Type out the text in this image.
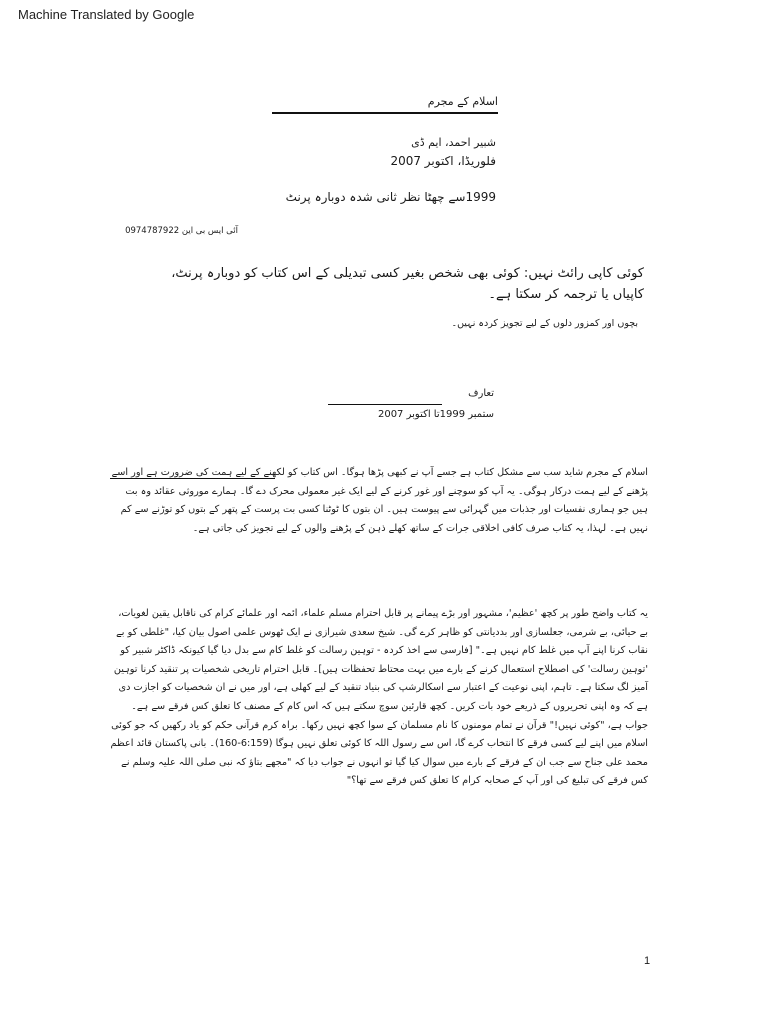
Machine Translated by Google
اسلام کے مجرم
شبیر احمد، ایم ڈی
فلوریڈا، اکتوبر 2007
1999سے چھٹا نظر ثانی شدہ دوبارہ پرنٹ
آئی ایس بی این 0974787922
کوئی کاپی رائٹ نہیں: کوئی بھی شخص بغیر کسی تبدیلی کے اس کتاب کو دوبارہ پرنٹ، کاپیاں یا ترجمہ کر سکتا ہے۔
بچوں اور کمزور دلوں کے لیے تجویز کردہ نہیں۔
تعارف
ستمبر 1999تا اکتوبر 2007
اسلام کے مجرم شاید سب سے مشکل کتاب ہے جسے آپ نے کبھی پڑھا ہوگا۔ اس کتاب کو لکھنے کے لیے ہمت کی ضرورت ہے اور اسے پڑھنے کے لیے ہمت درکار ہوگی۔ یہ آپ کو سوچنے اور غور کرنے کے لیے ایک غیر معمولی محرک دے گا۔ ہمارے موروثی عقائد وہ بت ہیں جو ہماری نفسیات اور جذبات میں گہرائی سے پیوست ہیں۔ ان بتوں کا ٹوٹنا کسی بت پرست کے پتھر کے بتوں کو توڑنے سے کم نہیں ہے۔ لہذا، یہ کتاب صرف کافی اخلاقی جرات کے ساتھ کھلے ذہن کے پڑھنے والوں کے لیے تجویز کی جاتی ہے۔
یہ کتاب واضح طور پر کچھ 'عظیم'، مشہور اور بڑے پیمانے پر قابل احترام مسلم علماء، ائمہ اور علمائے کرام کی ناقابل یقین لغویات، بے حیائی، بے شرمی، جعلسازی اور بددیانتی کو ظاہر کرے گی۔ شیخ سعدی شیرازی نے ایک ٹھوس علمی اصول بیان کیا، "غلطی کو بے نقاب کرنا اپنے آپ میں غلط کام نہیں ہے۔" [فارسی سے اخذ کردہ - توہین رسالت کو غلط کام سے بدل دیا گیا کیونکہ ڈاکٹر شبیر کو 'توہین رسالت' کی اصطلاح استعمال کرنے کے بارے میں بہت محتاط تحفظات ہیں]۔ قابل احترام تاریخی شخصیات پر تنقید کرنا توہین آمیز لگ سکتا ہے۔ تاہم، اپنی نوعیت کے اعتبار سے اسکالرشپ کی بنیاد تنقید کے لیے کھلی ہے، اور میں نے ان شخصیات کو اجازت دی ہے کہ وہ اپنی تحریروں کے ذریعے خود بات کریں۔ کچھ قارئین سوچ سکتے ہیں کہ اس کام کے مصنف کا تعلق کس فرقے سے ہے۔ جواب ہے، "کوئی نہیں!" قرآن نے تمام مومنوں کا نام مسلمان کے سوا کچھ نہیں رکھا۔ براہ کرم قرآنی حکم کو یاد رکھیں کہ جو کوئی اسلام میں اپنے لیے کسی فرقے کا انتخاب کرے گا، اس سے رسول اللہ کا کوئی تعلق نہیں ہوگا (6:159-160)۔ بانی پاکستان قائد اعظم محمد علی جناح سے جب ان کے فرقے کے بارے میں سوال کیا گیا تو انہوں نے جواب دیا کہ "مجھے بتاؤ کہ نبی صلی اللہ علیہ وسلم نے کس فرقے کی تبلیغ کی اور آپ کے صحابہ کرام کا تعلق کس فرقے سے تھا؟"
1
